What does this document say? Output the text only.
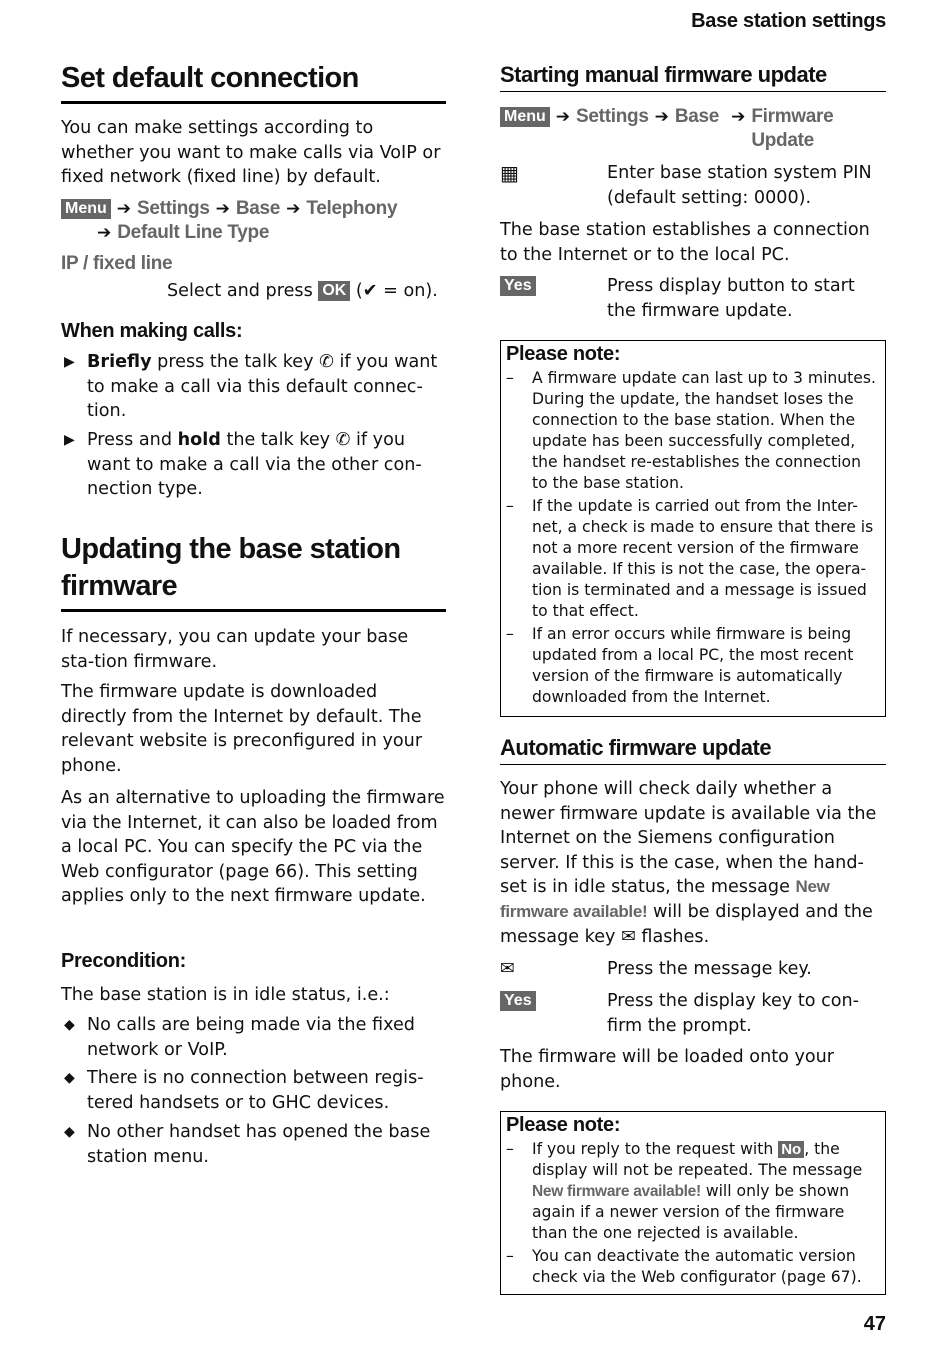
Base station settings
Set default connection

You can make settings according to whether you want to make calls via VoIP or fixed network (fixed line) by default.

Menu ➔ Settings ➔ Base ➔ Telephony
➔ Default Line Type
IP / fixed line
Select and press OK (✔ = on).
When making calls:
▶ Briefly press the talk key ✆ if you want to make a call via this default connec-tion.

▶ Press and hold the talk key ✆ if you want to make a call via the other con-nection type.

Updating the base station firmware

If necessary, you can update your base sta-tion firmware.

The firmware update is downloaded directly from the Internet by default. The relevant website is preconfigured in your phone.

As an alternative to uploading the firmware via the Internet, it can also be loaded from a local PC. You can specify the PC via the Web configurator (page 66). This setting applies only to the next firmware update.

Precondition:

The base station is in idle status, i.e.:

◆ No calls are being made via the fixed network or VoIP.

◆ There is no connection between regis-tered handsets or to GHC devices.

◆ No other handset has opened the base station menu.

Starting manual firmware update
Menu ➔ Settings ➔ Base ➔ Firmware Update
▦	Enter base station system PIN (default setting: 0000).

The base station establishes a connection to the Internet or to the local PC.

Yes	Press display button to start the firmware update.

Please note:
– A firmware update can last up to 3 minutes. During the update, the handset loses the connection to the base station. When the update has been successfully completed, the handset re-establishes the connection to the base station.
– If the update is carried out from the Inter-net, a check is made to ensure that there is not a more recent version of the firmware available. If this is not the case, the opera-tion is terminated and a message is issued to that effect.
– If an error occurs while firmware is being updated from a local PC, the most recent version of the firmware is automatically downloaded from the Internet.
Automatic firmware update

Your phone will check daily whether a newer firmware update is available via the Internet on the Siemens configuration server. If this is the case, when the hand-set is in idle status, the message New firmware available! will be displayed and the message key ✉ flashes.

✉	Press the message key.

Yes	Press the display key to con-firm the prompt.

The firmware will be loaded onto your phone.

Please note:
– If you reply to the request with No , the display will not be repeated. The message New firmware available! will only be shown again if a newer version of the firmware than the one rejected is available.
– You can deactivate the automatic version check via the Web configurator (page 67).
47
